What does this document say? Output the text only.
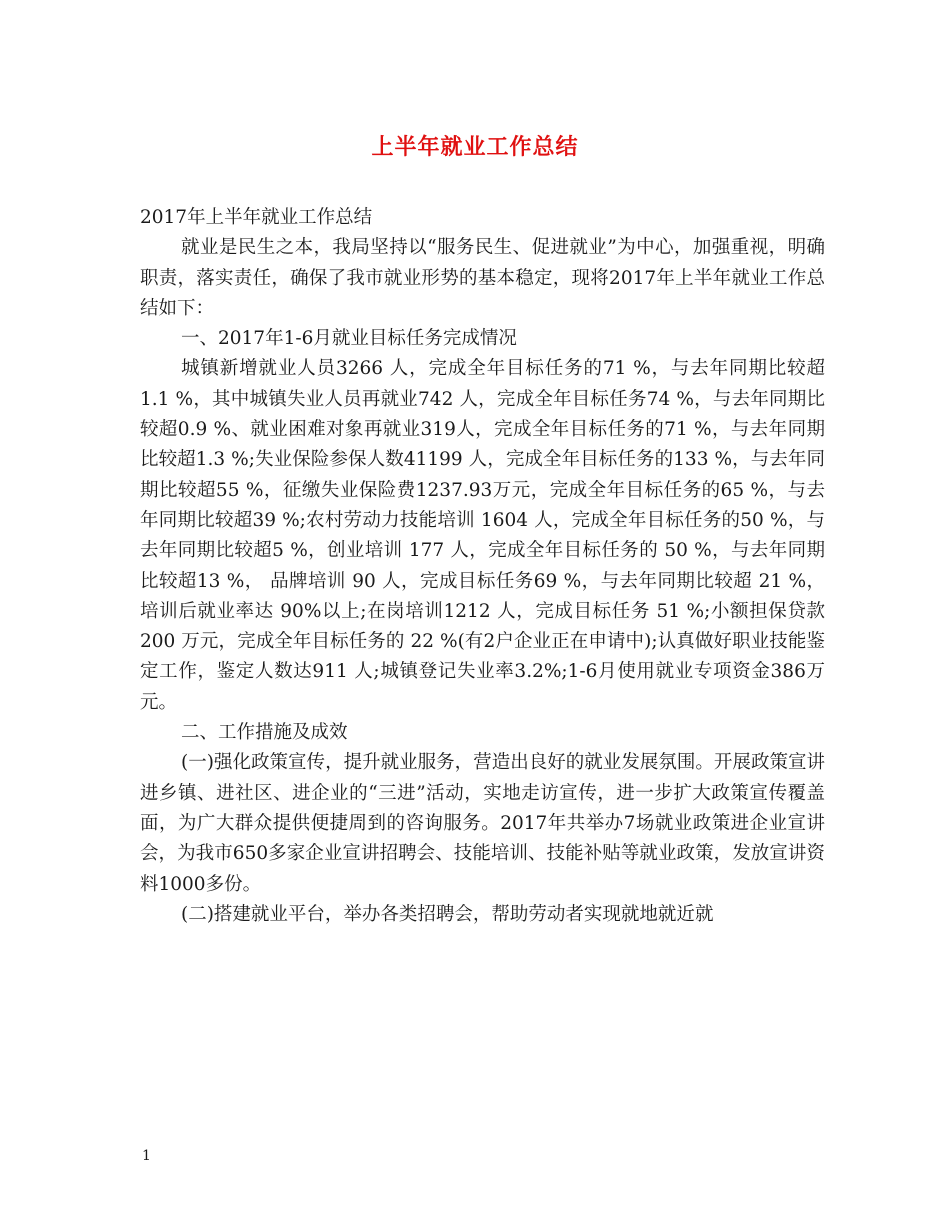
上半年就业工作总结

2017年上半年就业工作总结

就业是民生之本，我局坚持以“服务民生、促进就业”为中心，加强重视，明确职责，落实责任，确保了我市就业形势的基本稳定，现将2017年上半年就业工作总结如下：

一、2017年1-6月就业目标任务完成情况

城镇新增就业人员3266 人，完成全年目标任务的71 %，与去年同期比较超1.1 %，其中城镇失业人员再就业742 人，完成全年目标任务74 %，与去年同期比较超0.9 %、就业困难对象再就业319人，完成全年目标任务的71 %，与去年同期比较超1.3 %;失业保险参保人数41199 人，完成全年目标任务的133 %，与去年同期比较超55 %，征缴失业保险费1237.93万元，完成全年目标任务的65 %，与去年同期比较超39 %;农村劳动力技能培训 1604 人，完成全年目标任务的50 %，与去年同期比较超5 %，创业培训 177 人，完成全年目标任务的 50 %，与去年同期比较超13 %， 品牌培训 90 人，完成目标任务69 %，与去年同期比较超 21 %，培训后就业率达 90%以上;在岗培训1212 人，完成目标任务 51 %;小额担保贷款 200 万元，完成全年目标任务的 22 %(有2户企业正在申请中);认真做好职业技能鉴定工作，鉴定人数达911 人;城镇登记失业率3.2%;1-6月使用就业专项资金386万元。

二、工作措施及成效

(一)强化政策宣传，提升就业服务，营造出良好的就业发展氛围。开展政策宣讲进乡镇、进社区、进企业的“三进”活动，实地走访宣传，进一步扩大政策宣传覆盖面，为广大群众提供便捷周到的咨询服务。2017年共举办7场就业政策进企业宣讲会，为我市650多家企业宣讲招聘会、技能培训、技能补贴等就业政策，发放宣讲资料1000多份。

(二)搭建就业平台，举办各类招聘会，帮助劳动者实现就地就近就

1
